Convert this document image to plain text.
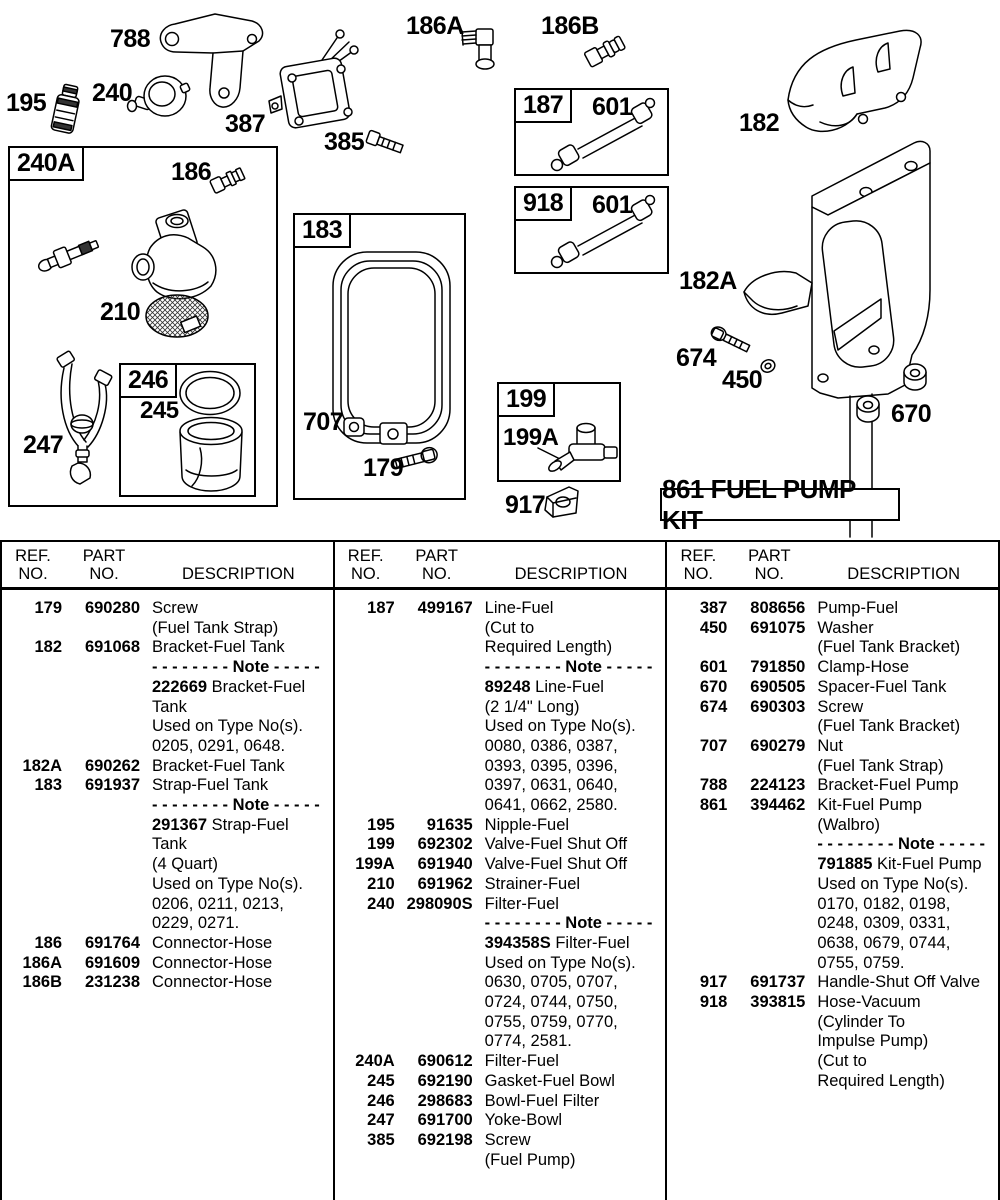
240A
183
187	601
918	601
199
246
788
195 240
387
385
186A	186B
182
182A
186
210
247
707
179
917
674
450
670
199A
245
861 FUEL PUMP KIT
REF.
NO.
PART
NO.	DESCRIPTION
179	690280 Screw
(Fuel Tank Strap)
182	691068 Bracket-Fuel Tank
- - - - - - - - Note - - - - -
222669 Bracket-Fuel
Tank
Used on Type No(s).
0205, 0291, 0648.
182A	690262 Bracket-Fuel Tank
183	691937 Strap-Fuel Tank
- - - - - - - - Note - - - - -
291367 Strap-Fuel
Tank
(4 Quart)
Used on Type No(s).
0206, 0211, 0213,
0229, 0271.
186	691764 Connector-Hose
186A	691609 Connector-Hose
186B	231238 Connector-Hose
REF.
NO.
PART
NO.	DESCRIPTION
187	499167 Line-Fuel
(Cut to
Required Length)
- - - - - - - - Note - - - - -
89248 Line-Fuel
(2 1/4" Long)
Used on Type No(s).
0080, 0386, 0387,
0393, 0395, 0396,
0397, 0631, 0640,
0641, 0662, 2580.
195	91635 Nipple-Fuel
199	692302 Valve-Fuel Shut Off
199A	691940 Valve-Fuel Shut Off
210	691962 Strainer-Fuel
240 298090S Filter-Fuel
- - - - - - - - Note - - - - -
394358S Filter-Fuel
Used on Type No(s).
0630, 0705, 0707,
0724, 0744, 0750,
0755, 0759, 0770,
0774, 2581.
240A	690612 Filter-Fuel
245	692190 Gasket-Fuel Bowl
246	298683 Bowl-Fuel Filter
247	691700 Yoke-Bowl
385	692198 Screw
(Fuel Pump)
REF.
NO.
PART
NO.	DESCRIPTION
387	808656 Pump-Fuel
450	691075 Washer
(Fuel Tank Bracket)
601	791850 Clamp-Hose
670	690505 Spacer-Fuel Tank
674	690303 Screw
(Fuel Tank Bracket)
707	690279 Nut
(Fuel Tank Strap)
788	224123 Bracket-Fuel Pump
861	394462 Kit-Fuel Pump
(Walbro)
- - - - - - - - Note - - - - -
791885 Kit-Fuel Pump
Used on Type No(s).
0170, 0182, 0198,
0248, 0309, 0331,
0638, 0679, 0744,
0755, 0759.
917	691737 Handle-Shut Off Valve
918	393815 Hose-Vacuum
(Cylinder To
Impulse Pump)
(Cut to
Required Length)
